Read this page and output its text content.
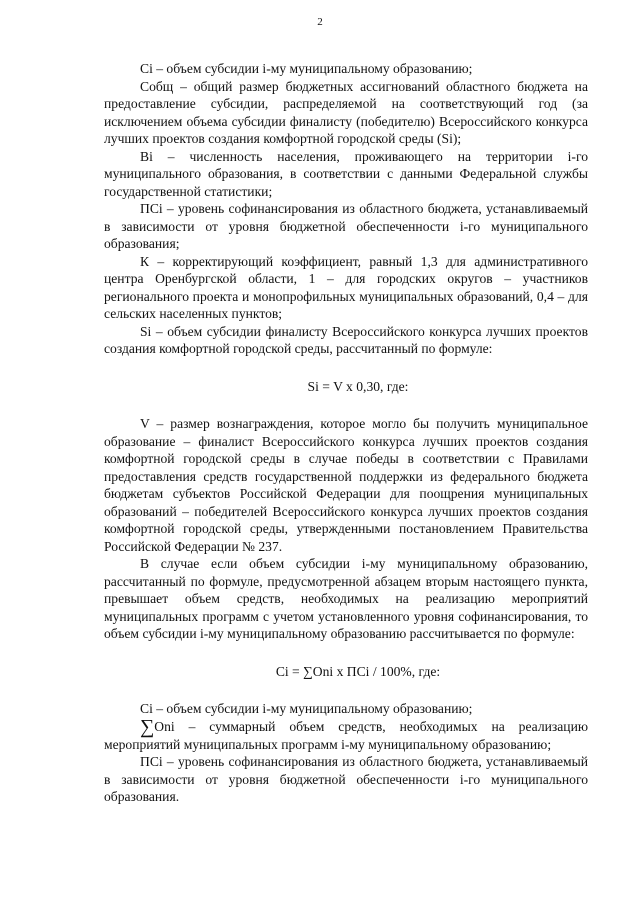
2

Сi – объем субсидии i-му муниципальному образованию;

Собщ – общий размер бюджетных ассигнований областного бюджета на предоставление субсидии, распределяемой на соответствующий год (за исключением объема субсидии финалисту (победителю) Всероссийского конкурса лучших проектов создания комфортной городской среды (Si);

Вi – численность населения, проживающего на территории i-го муниципального образования, в соответствии с данными Федеральной службы государственной статистики;

ПСi – уровень софинансирования из областного бюджета, устанавливаемый в зависимости от уровня бюджетной обеспеченности i-го муниципального образования;

К – корректирующий коэффициент, равный 1,3 для административного центра Оренбургской области, 1 – для городских округов – участников регионального проекта и монопрофильных муниципальных образований, 0,4 – для сельских населенных пунктов;

Si – объем субсидии финалисту Всероссийского конкурса лучших проектов создания комфортной городской среды, рассчитанный по формуле:

Si = V х 0,30, где:

V – размер вознаграждения, которое могло бы получить муниципальное образование – финалист Всероссийского конкурса лучших проектов создания комфортной городской среды в случае победы в соответствии с Правилами предоставления средств государственной поддержки из федерального бюджета бюджетам субъектов Российской Федерации для поощрения муниципальных образований – победителей Всероссийского конкурса лучших проектов создания комфортной городской среды, утвержденными постановлением Правительства Российской Федерации № 237.

В случае если объем субсидии i-му муниципальному образованию, рассчитанный по формуле, предусмотренной абзацем вторым настоящего пункта, превышает объем средств, необходимых на реализацию мероприятий муниципальных программ с учетом установленного уровня софинансирования, то объем субсидии i-му муниципальному образованию рассчитывается по формуле:

Сi = ∑Оni х ПСi / 100%, где:

Сi – объем субсидии i-му муниципальному образованию;

∑Оni – суммарный объем средств, необходимых на реализацию мероприятий муниципальных программ i-му муниципальному образованию;

ПСi – уровень софинансирования из областного бюджета, устанавливаемый в зависимости от уровня бюджетной обеспеченности i-го муниципального образования.
